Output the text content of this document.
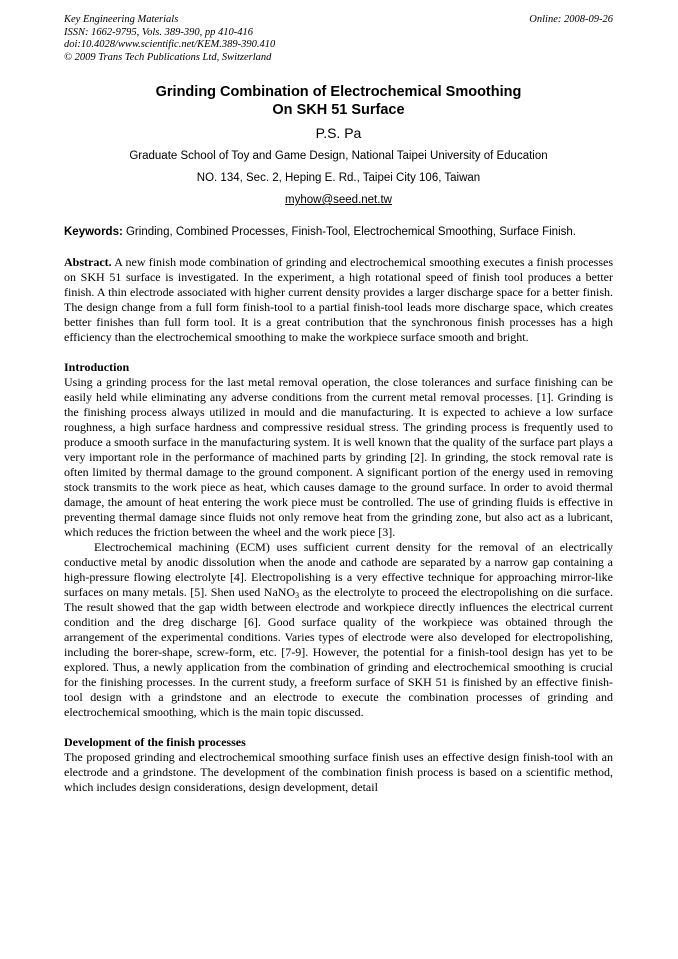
Key Engineering Materials
ISSN: 1662-9795, Vols. 389-390, pp 410-416
doi:10.4028/www.scientific.net/KEM.389-390.410
© 2009 Trans Tech Publications Ltd, Switzerland
Online: 2008-09-26
Grinding Combination of Electrochemical Smoothing
On SKH 51 Surface
P.S. Pa
Graduate School of Toy and Game Design, National Taipei University of Education
NO. 134, Sec. 2, Heping E. Rd., Taipei City 106, Taiwan
myhow@seed.net.tw

Keywords: Grinding, Combined Processes, Finish-Tool, Electrochemical Smoothing, Surface Finish.

Abstract. A new finish mode combination of grinding and electrochemical smoothing executes a finish processes on SKH 51 surface is investigated. In the experiment, a high rotational speed of finish tool produces a better finish. A thin electrode associated with higher current density provides a larger discharge space for a better finish. The design change from a full form finish-tool to a partial finish-tool leads more discharge space, which creates better finishes than full form tool. It is a great contribution that the synchronous finish processes has a high efficiency than the electrochemical smoothing to make the workpiece surface smooth and bright.

Introduction

Using a grinding process for the last metal removal operation, the close tolerances and surface finishing can be easily held while eliminating any adverse conditions from the current metal removal processes. [1]. Grinding is the finishing process always utilized in mould and die manufacturing. It is expected to achieve a low surface roughness, a high surface hardness and compressive residual stress. The grinding process is frequently used to produce a smooth surface in the manufacturing system. It is well known that the quality of the surface part plays a very important role in the performance of machined parts by grinding [2]. In grinding, the stock removal rate is often limited by thermal damage to the ground component. A significant portion of the energy used in removing stock transmits to the work piece as heat, which causes damage to the ground surface. In order to avoid thermal damage, the amount of heat entering the work piece must be controlled. The use of grinding fluids is effective in preventing thermal damage since fluids not only remove heat from the grinding zone, but also act as a lubricant, which reduces the friction between the wheel and the work piece [3].

Electrochemical machining (ECM) uses sufficient current density for the removal of an electrically conductive metal by anodic dissolution when the anode and cathode are separated by a narrow gap containing a high-pressure flowing electrolyte [4]. Electropolishing is a very effective technique for approaching mirror-like surfaces on many metals. [5]. Shen used NaNO$_3$ as the electrolyte to proceed the electropolishing on die surface. The result showed that the gap width between electrode and workpiece directly influences the electrical current condition and the dreg discharge [6]. Good surface quality of the workpiece was obtained through the arrangement of the experimental conditions. Varies types of electrode were also developed for electropolishing, including the borer-shape, screw-form, etc. [7-9]. However, the potential for a finish-tool design has yet to be explored. Thus, a newly application from the combination of grinding and electrochemical smoothing is crucial for the finishing processes. In the current study, a freeform surface of SKH 51 is finished by an effective finish-tool design with a grindstone and an electrode to execute the combination processes of grinding and electrochemical smoothing, which is the main topic discussed.

Development of the finish processes

The proposed grinding and electrochemical smoothing surface finish uses an effective design finish-tool with an electrode and a grindstone. The development of the combination finish process is based on a scientific method, which includes design considerations, design development, detail
